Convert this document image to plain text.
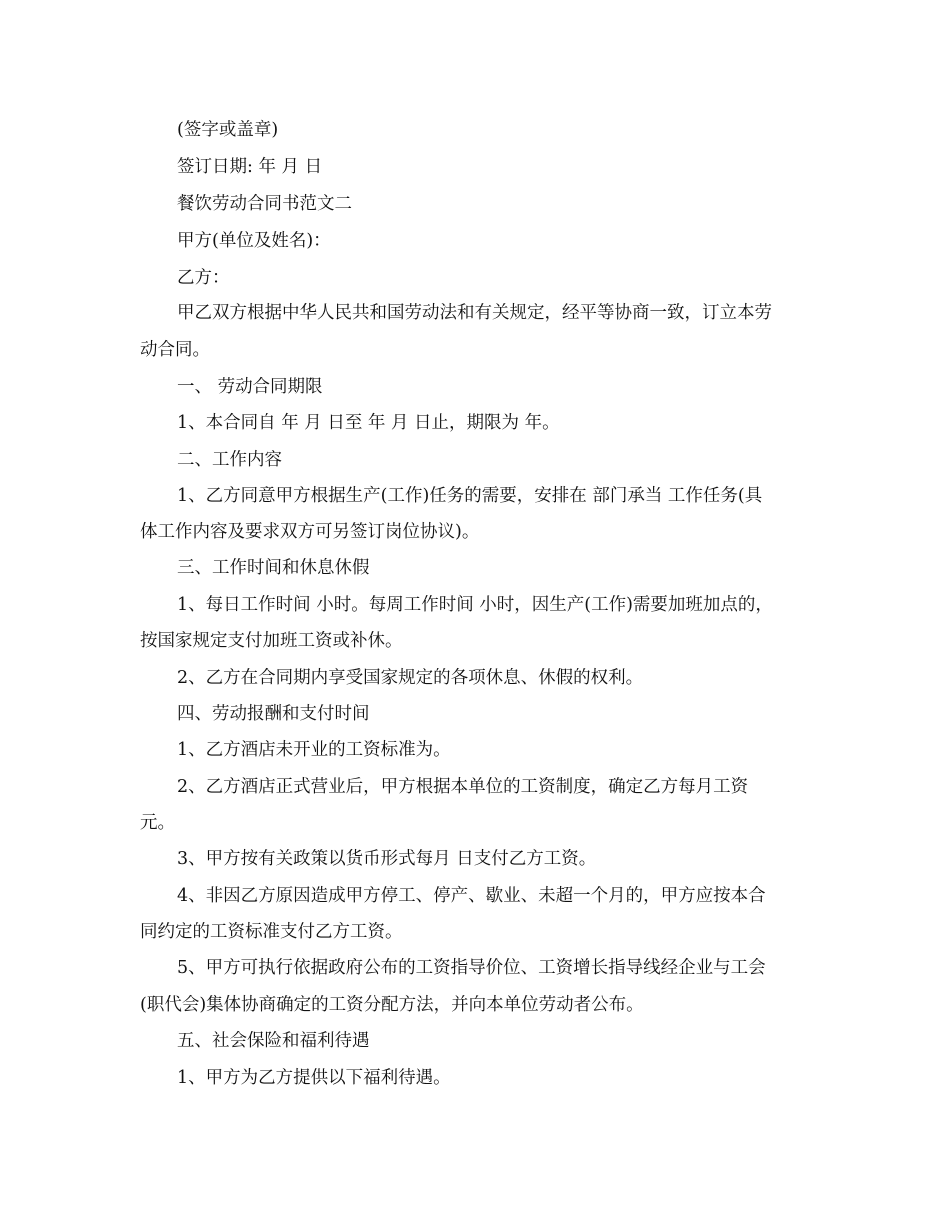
(签字或盖章)
签订日期: 年 月 日
餐饮劳动合同书范文二
甲方(单位及姓名)：
乙方：
甲乙双方根据中华人民共和国劳动法和有关规定，经平等协商一致，订立本劳
动合同。
一、 劳动合同期限
1、本合同自 年 月 日至 年 月 日止，期限为 年。
二、工作内容
1、乙方同意甲方根据生产(工作)任务的需要，安排在 部门承当 工作任务(具
体工作内容及要求双方可另签订岗位协议)。
三、工作时间和休息休假
1、每日工作时间 小时。每周工作时间 小时，因生产(工作)需要加班加点的，
按国家规定支付加班工资或补休。
2、乙方在合同期内享受国家规定的各项休息、休假的权利。
四、劳动报酬和支付时间
1、乙方酒店未开业的工资标准为。
2、乙方酒店正式营业后，甲方根据本单位的工资制度，确定乙方每月工资
元。
3、甲方按有关政策以货币形式每月 日支付乙方工资。
4、非因乙方原因造成甲方停工、停产、歇业、未超一个月的，甲方应按本合
同约定的工资标准支付乙方工资。
5、甲方可执行依据政府公布的工资指导价位、工资增长指导线经企业与工会
(职代会)集体协商确定的工资分配方法，并向本单位劳动者公布。
五、社会保险和福利待遇
1、甲方为乙方提供以下福利待遇。
